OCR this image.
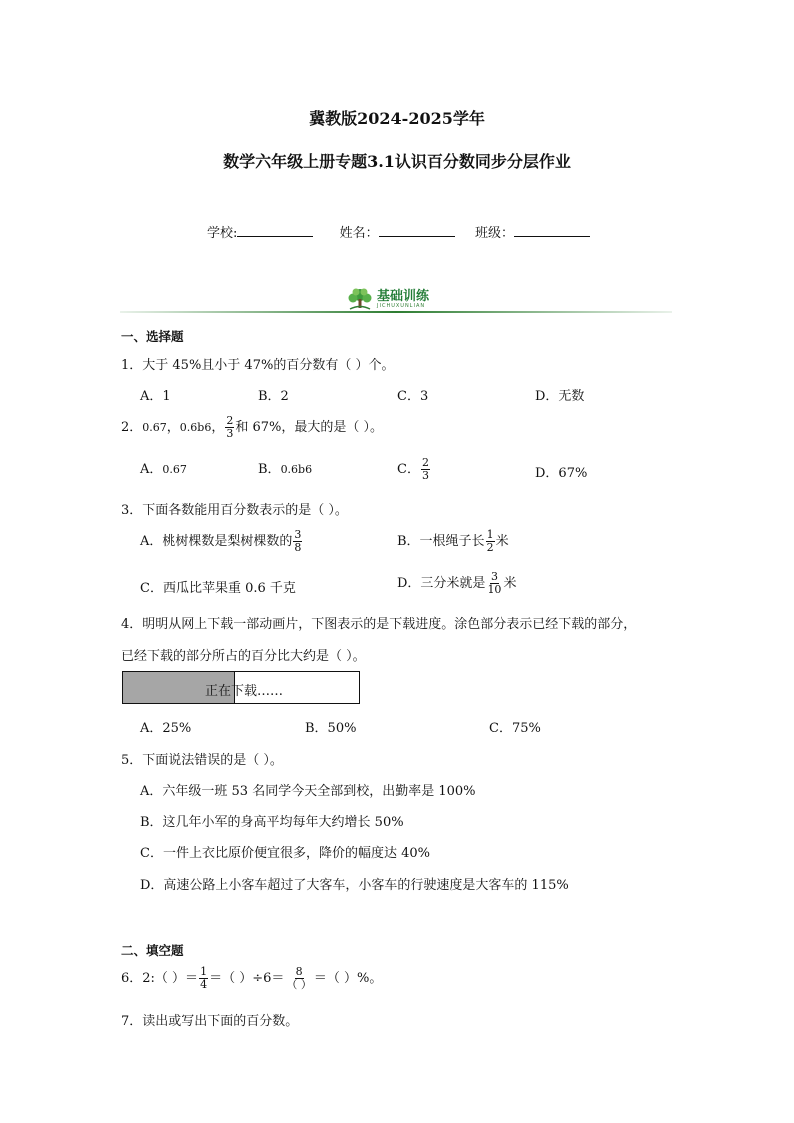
冀教版2024-2025学年
数学六年级上册专题3.1认识百分数同步分层作业
学校:	姓名：	班级：
基础训练
JICHUXUNLIAN
一、选择题
1．大于 45%且小于 47%的百分数有（ ）个。
A．1	B．2	C．3	D．无数
2．0.67，0.6b6， $\frac{2}{3}$ 和 67%，最大的是（ ）。
A．0.67	B．0.6b6	C． $\frac{2}{3}$	D．67%
3．下面各数能用百分数表示的是（ ）。
A．桃树棵数是梨树棵数的 $\frac{3}{8}$	B．一根绳子长 $\frac{1}{2}$ 米
C．西瓜比苹果重 0.6 千克	D．三分米就是 $\frac{3}{10}$ 米
4．明明从网上下载一部动画片，下图表示的是下载进度。涂色部分表示已经下载的部分，
已经下载的部分所占的百分比大约是（ ）。
正在下载……
A．25%	B．50%	C．75%
5．下面说法错误的是（ ）。
A．六年级一班 53 名同学今天全部到校，出勤率是 100%
B．这几年小军的身高平均每年大约增长 50%
C．一件上衣比原价便宜很多，降价的幅度达 40%
D．高速公路上小客车超过了大客车，小客车的行驶速度是大客车的 115%
二、填空题
6．2:（ ）＝ $\frac{1}{4}$ ＝（ ）$\div 6= \frac{8}{( )}$ ＝（ ）%。
7．读出或写出下面的百分数。
